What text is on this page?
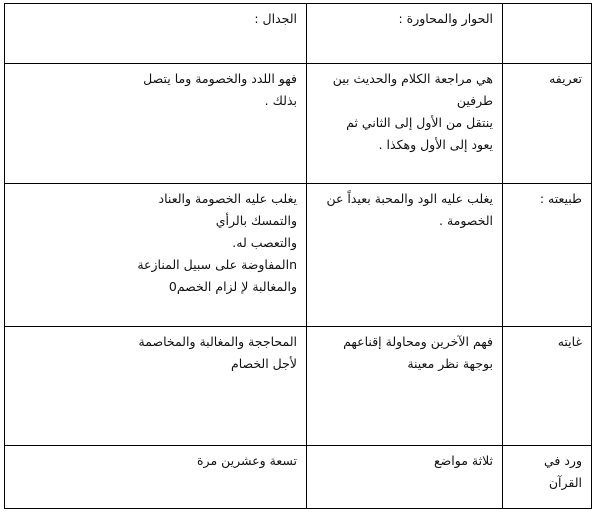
	الحوار والمحاورة :	الجدال :

تعريفه	هي مراجعة الكلام والحديث بين
طرفين
ينتقل من الأول إلى الثاني ثم
يعود إلى الأول وهكذا .	فهو اللدد والخصومة وما يتصل
بذلك .

طبيعته :	يغلب عليه الود والمحبة بعيداً عن
الخصومة .	يغلب عليه الخصومة والعناد
والتمسك بالرأي
والتعصب له.
nالمفاوضة على سبيل المنازعة
والمغالبة لإ لزام الخصم0

غايته	فهم الآخرين ومحاولة إقناعهم
بوجهة نظر معينة	المحاججة والمغالبة والمخاصمة
لأجل الخصام

ورد في
القرآن	ثلاثة مواضع	تسعة وعشرين مرة
